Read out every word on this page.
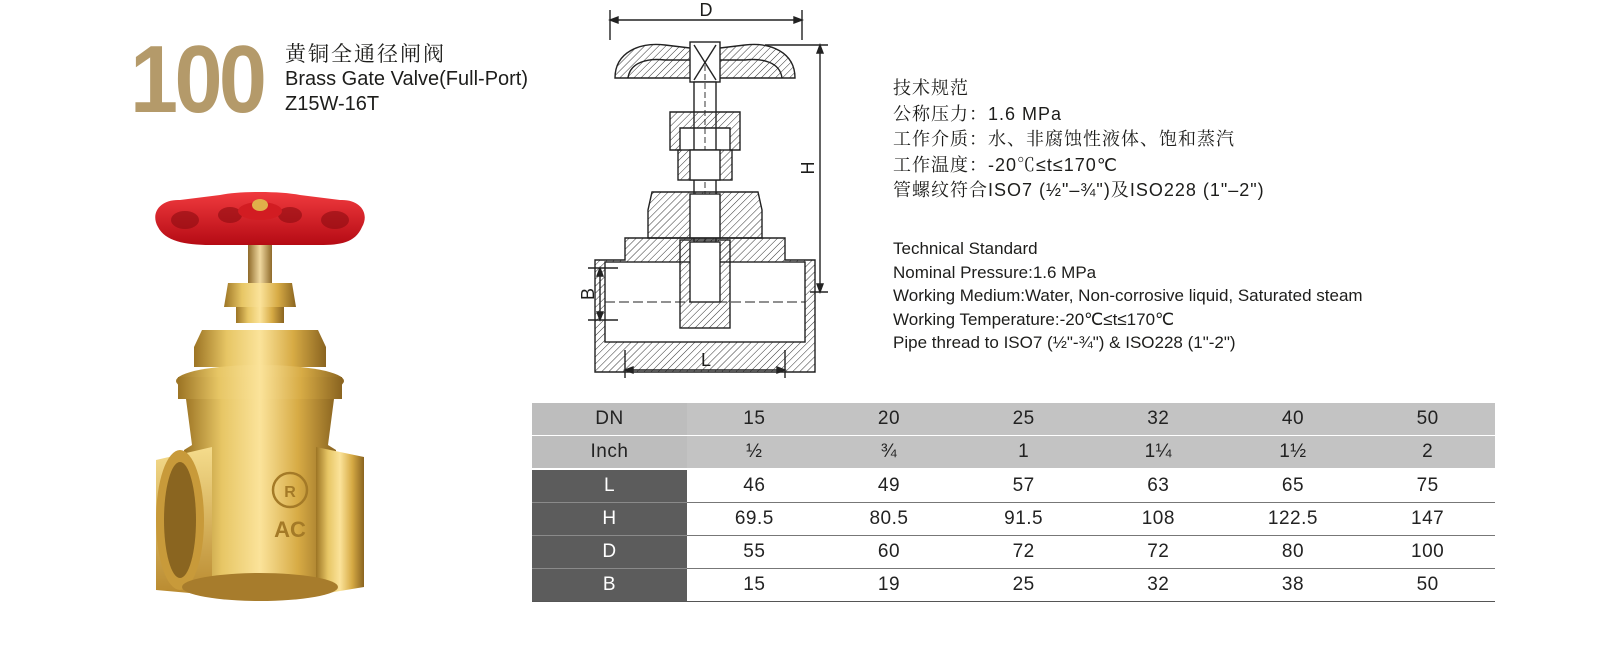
100 黄铜全通径闸阀
Brass Gate Valve(Full-Port)
Z15W-16T
R
AC
D
H
B
L
技术规范
公称压力：1.6 MPa
工作介质：水、非腐蚀性液体、饱和蒸汽
工作温度：-20℃≤t≤170℃
管螺纹符合ISO7 (½"–¾")及ISO228 (1"–2")
Technical Standard
Nominal Pressure:1.6 MPa
Working Medium:Water, Non-corrosive liquid, Saturated steam
Working Temperature:-20℃≤t≤170℃
Pipe thread to ISO7 (½"-¾") & ISO228 (1"-2")
DN	15	20	25	32	40	50
Inch	½	¾	1	1¼	1½	2
L	46	49	57	63	65	75
H	69.5	80.5	91.5	108	122.5	147
D	55	60	72	72	80	100
B	15	19	25	32	38	50
